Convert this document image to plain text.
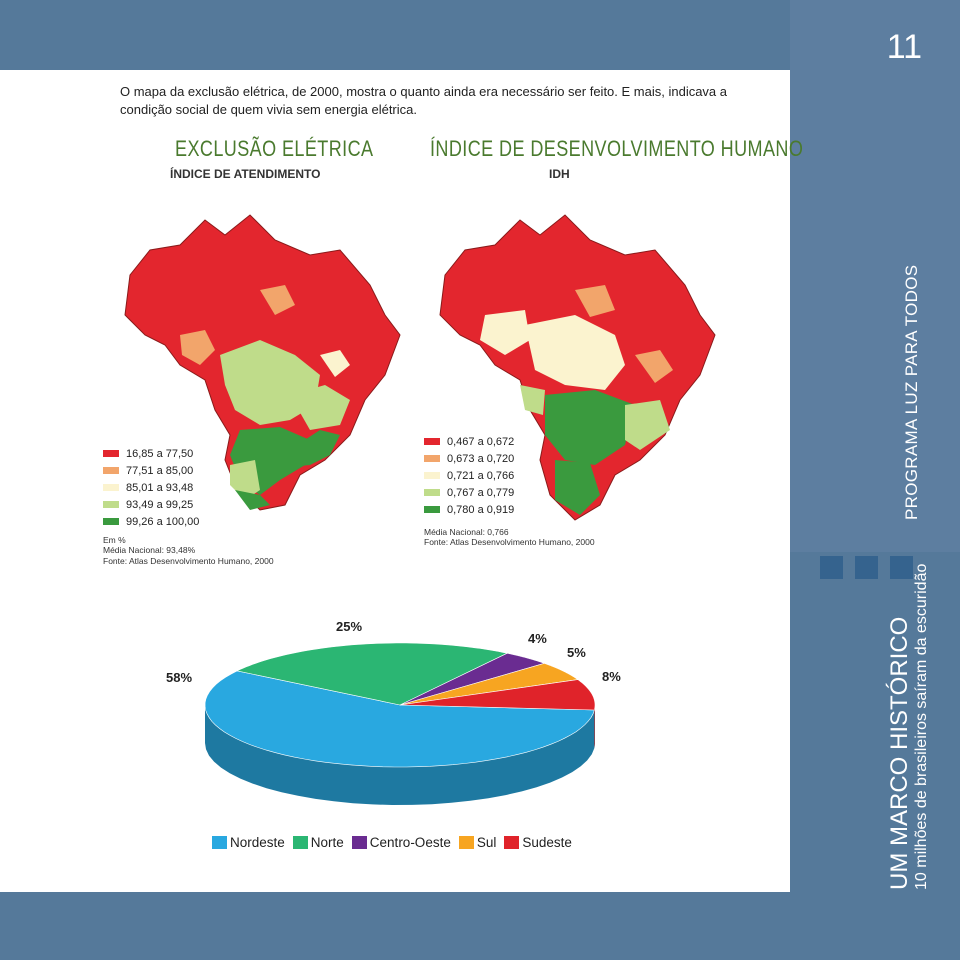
11
PROGRAMA LUZ PARA TODOS
UM MARCO HISTÓRICO 10 milhões de brasileiros saíram da escuridão
O mapa da exclusão elétrica, de 2000, mostra o quanto ainda era necessário ser feito. E mais, indicava a condição social de quem vivia sem energia elétrica.
EXCLUSÃO ELÉTRICA
ÍNDICE DE ATENDIMENTO
16,85 a 77,50
77,51 a 85,00
85,01 a 93,48
93,49 a 99,25
99,26 a 100,00
Em %
Média Nacional: 93,48%
Fonte: Atlas Desenvolvimento Humano, 2000
ÍNDICE DE DESENVOLVIMENTO HUMANO
IDH
0,467 a 0,672
0,673 a 0,720
0,721 a 0,766
0,767 a 0,779
0,780 a 0,919
Média Nacional: 0,766
Fonte: Atlas Desenvolvimento Humano, 2000
25%
4%
5%
8%
58%
Nordeste Norte Centro-Oeste Sul Sudeste
